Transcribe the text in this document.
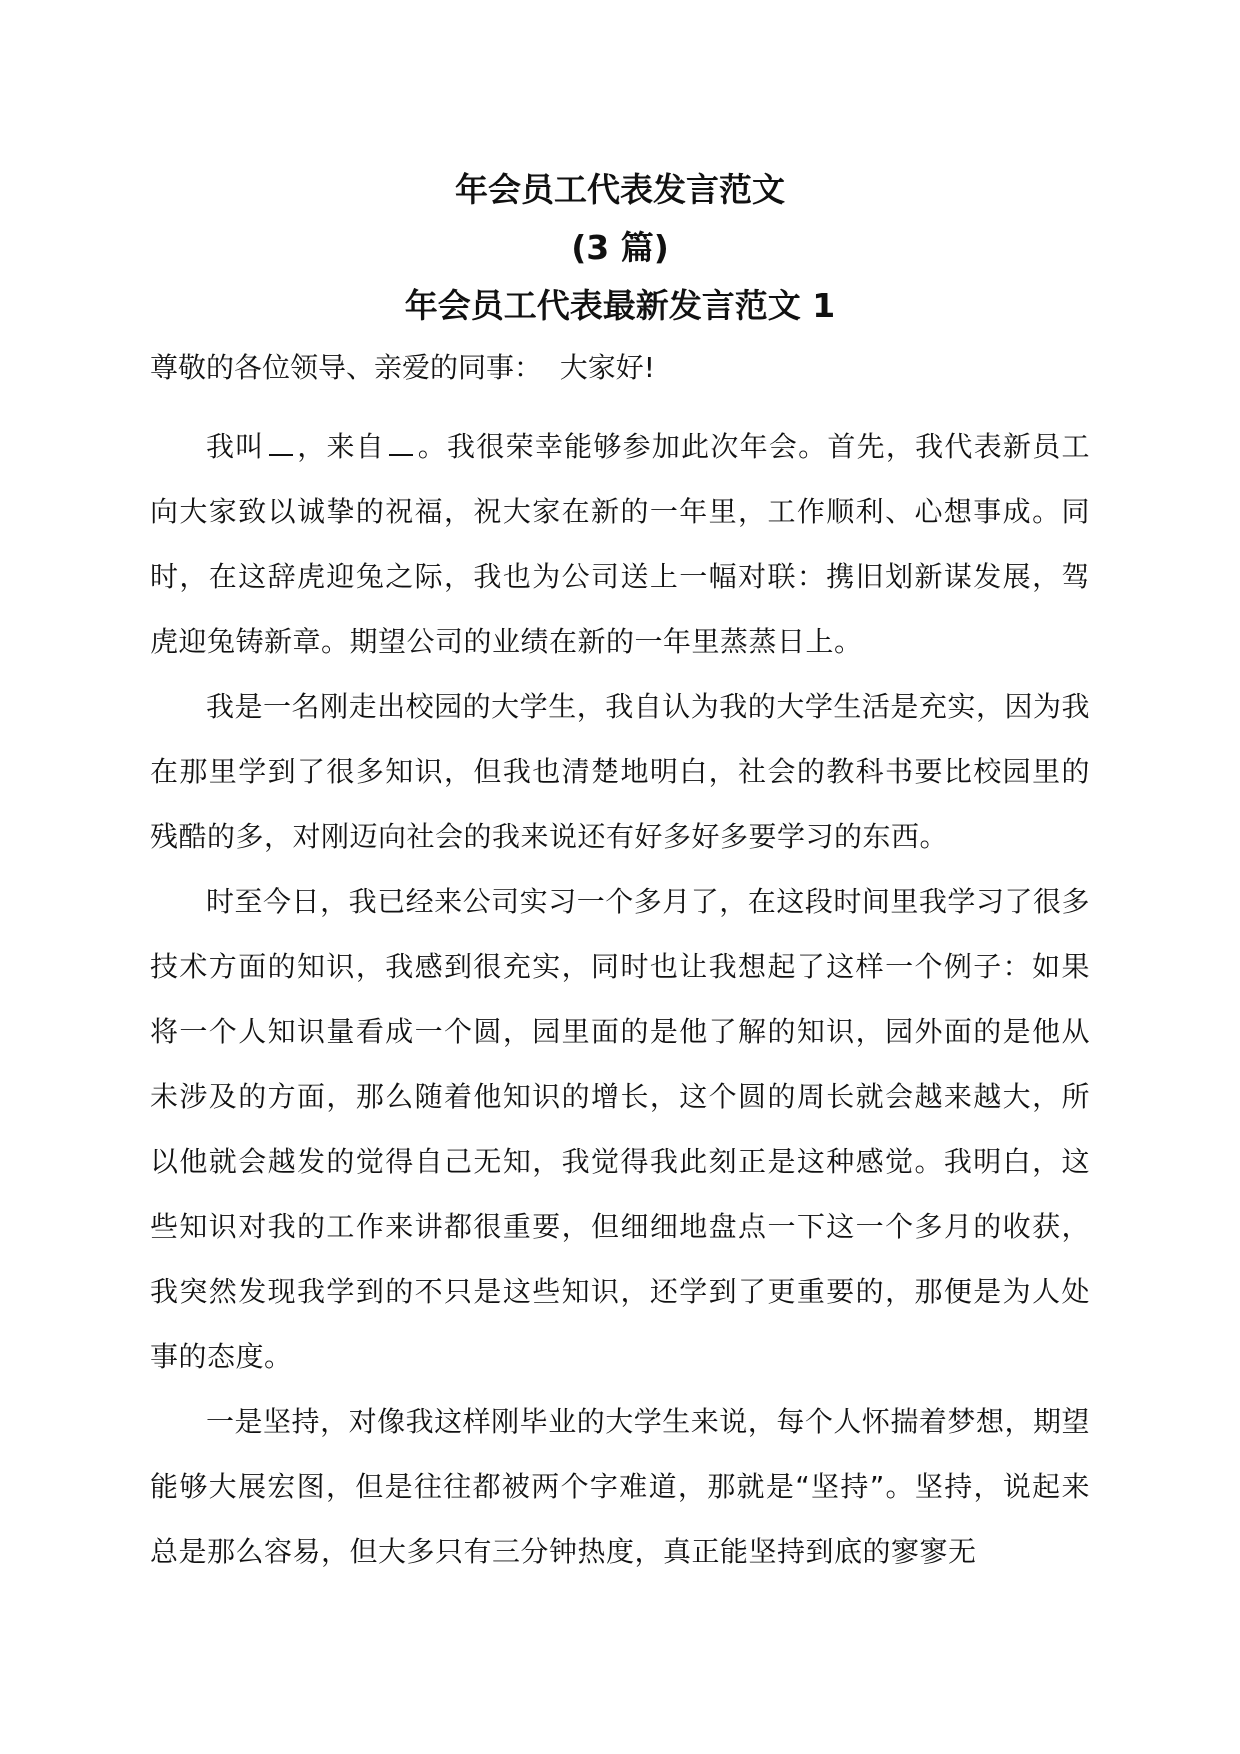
年会员工代表发言范文
(3 篇)
年会员工代表最新发言范文 1

尊敬的各位领导、亲爱的同事：  大家好!

我叫 ，来自 。我很荣幸能够参加此次年会。首先，我代表新员工向大家致以诚挚的祝福，祝大家在新的一年里，工作顺利、心想事成。同时，在这辞虎迎兔之际，我也为公司送上一幅对联：携旧划新谋发展，驾虎迎兔铸新章。期望公司的业绩在新的一年里蒸蒸日上。

我是一名刚走出校园的大学生，我自认为我的大学生活是充实，因为我在那里学到了很多知识，但我也清楚地明白，社会的教科书要比校园里的残酷的多，对刚迈向社会的我来说还有好多好多要学习的东西。

时至今日，我已经来公司实习一个多月了，在这段时间里我学习了很多技术方面的知识，我感到很充实，同时也让我想起了这样一个例子：如果将一个人知识量看成一个圆，园里面的是他了解的知识，园外面的是他从未涉及的方面，那么随着他知识的增长，这个圆的周长就会越来越大，所以他就会越发的觉得自己无知，我觉得我此刻正是这种感觉。我明白，这些知识对我的工作来讲都很重要，但细细地盘点一下这一个多月的收获，我突然发现我学到的不只是这些知识，还学到了更重要的，那便是为人处事的态度。

一是坚持，对像我这样刚毕业的大学生来说，每个人怀揣着梦想，期望能够大展宏图，但是往往都被两个字难道，那就是“坚持”。坚持，说起来总是那么容易，但大多只有三分钟热度，真正能坚持到底的寥寥无
